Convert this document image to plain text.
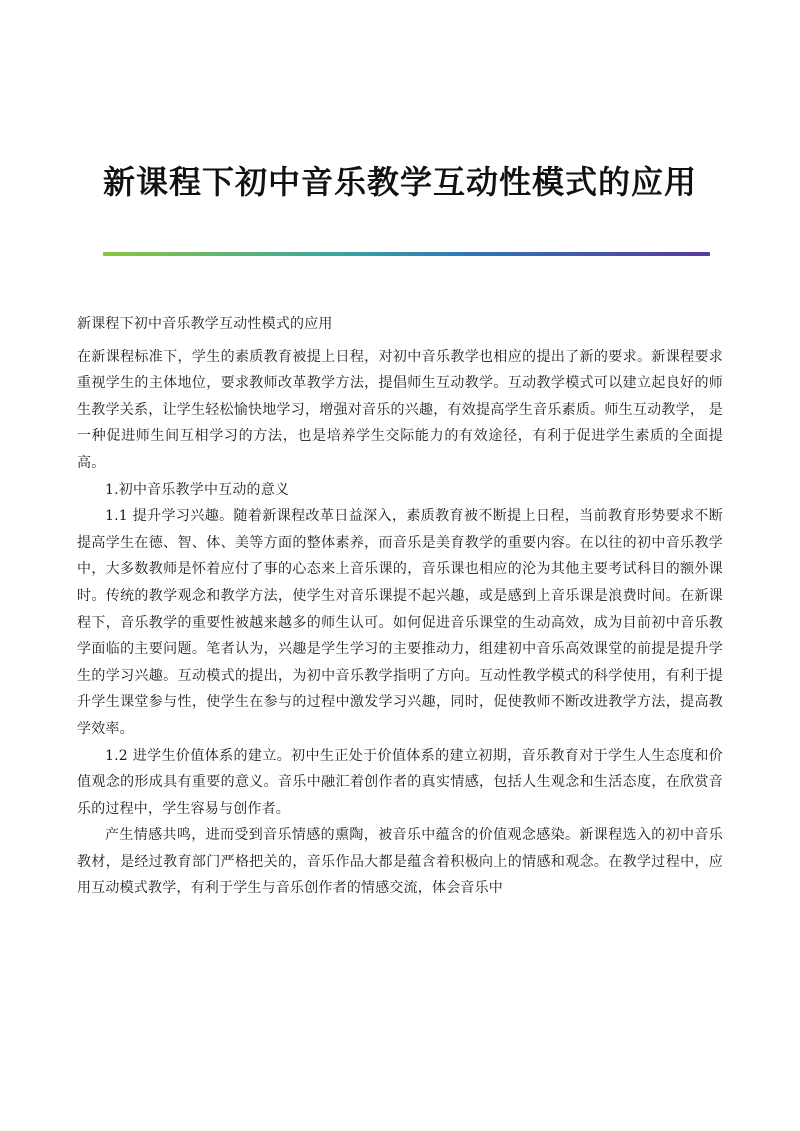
新课程下初中音乐教学互动性模式的应用

新课程下初中音乐教学互动性模式的应用

在新课程标准下，学生的素质教育被提上日程，对初中音乐教学也相应的提出了新的要求。新课程要求重视学生的主体地位，要求教师改革教学方法，提倡师生互动教学。互动教学模式可以建立起良好的师生教学关系，让学生轻松愉快地学习，增强对音乐的兴趣，有效提高学生音乐素质。师生互动教学， 是一种促进师生间互相学习的方法，也是培养学生交际能力的有效途径，有利于促进学生素质的全面提高。

1.初中音乐教学中互动的意义

1.1 提升学习兴趣。随着新课程改革日益深入，素质教育被不断提上日程，当前教育形势要求不断提高学生在德、智、体、美等方面的整体素养，而音乐是美育教学的重要内容。在以往的初中音乐教学中，大多数教师是怀着应付了事的心态来上音乐课的，音乐课也相应的沦为其他主要考试科目的额外课时。传统的教学观念和教学方法，使学生对音乐课提不起兴趣，或是感到上音乐课是浪费时间。在新课程下，音乐教学的重要性被越来越多的师生认可。如何促进音乐课堂的生动高效，成为目前初中音乐教学面临的主要问题。笔者认为，兴趣是学生学习的主要推动力，组建初中音乐高效课堂的前提是提升学生的学习兴趣。互动模式的提出，为初中音乐教学指明了方向。互动性教学模式的科学使用，有利于提升学生课堂参与性，使学生在参与的过程中激发学习兴趣，同时，促使教师不断改进教学方法，提高教学效率。

1.2 进学生价值体系的建立。初中生正处于价值体系的建立初期，音乐教育对于学生人生态度和价值观念的形成具有重要的意义。音乐中融汇着创作者的真实情感，包括人生观念和生活态度，在欣赏音乐的过程中，学生容易与创作者。

产生情感共鸣，进而受到音乐情感的熏陶，被音乐中蕴含的价值观念感染。新课程选入的初中音乐教材，是经过教育部门严格把关的，音乐作品大都是蕴含着积极向上的情感和观念。在教学过程中，应用互动模式教学，有利于学生与音乐创作者的情感交流，体会音乐中
